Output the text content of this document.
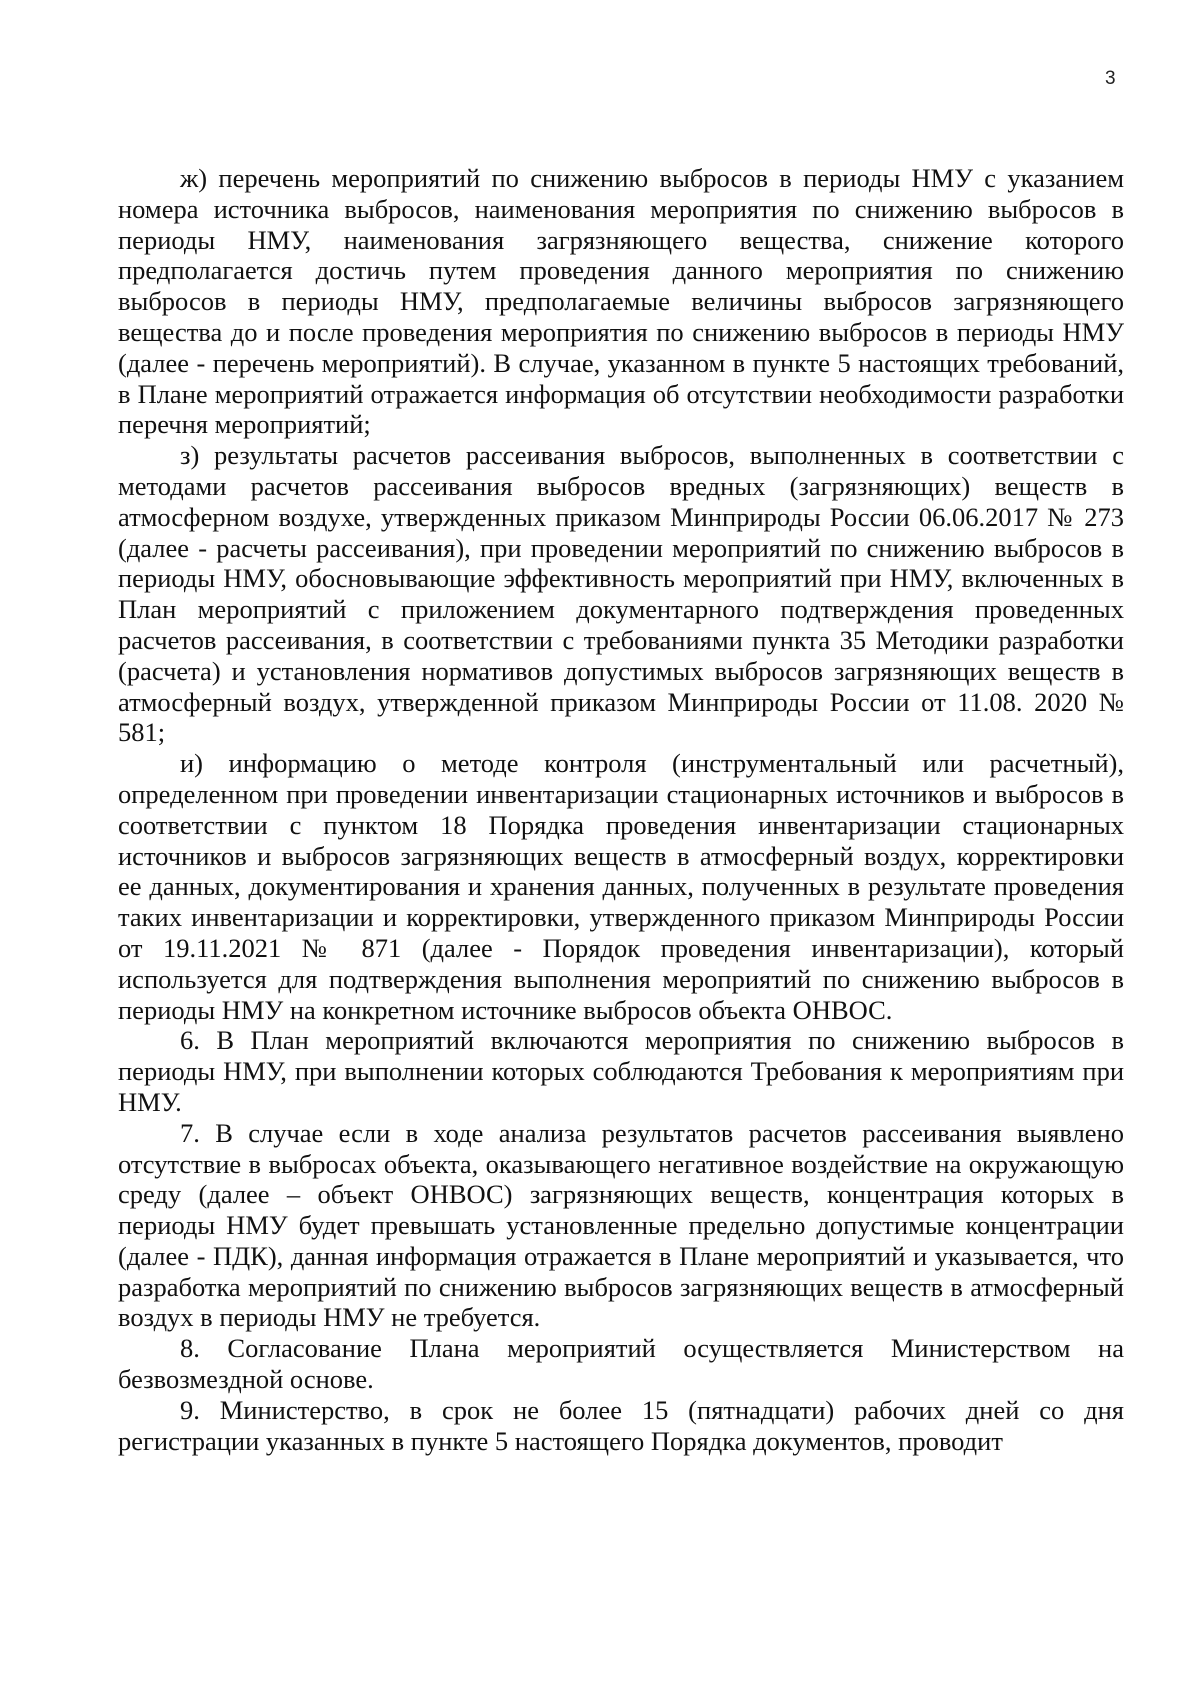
3

ж) перечень мероприятий по снижению выбросов в периоды НМУ с указанием номера источника выбросов, наименования мероприятия по снижению выбросов в периоды НМУ, наименования загрязняющего вещества, снижение которого предполагается достичь путем проведения данного мероприятия по снижению выбросов в периоды НМУ, предполагаемые величины выбросов загрязняющего вещества до и после проведения мероприятия по снижению выбросов в периоды НМУ (далее - перечень мероприятий). В случае, указанном в пункте 5 настоящих требований, в Плане мероприятий отражается информация об отсутствии необходимости разработки перечня мероприятий;

з) результаты расчетов рассеивания выбросов, выполненных в соответствии с методами расчетов рассеивания выбросов вредных (загрязняющих) веществ в атмосферном воздухе, утвержденных приказом Минприроды России 06.06.2017 № 273 (далее - расчеты рассеивания), при проведении мероприятий по снижению выбросов в периоды НМУ, обосновывающие эффективность мероприятий при НМУ, включенных в План мероприятий с приложением документарного подтверждения проведенных расчетов рассеивания, в соответствии с требованиями пункта 35 Методики разработки (расчета) и установления нормативов допустимых выбросов загрязняющих веществ в атмосферный воздух, утвержденной приказом Минприроды России от 11.08. 2020 № 581;

и) информацию о методе контроля (инструментальный или расчетный), определенном при проведении инвентаризации стационарных источников и выбросов в соответствии с пунктом 18 Порядка проведения инвентаризации стационарных источников и выбросов загрязняющих веществ в атмосферный воздух, корректировки ее данных, документирования и хранения данных, полученных в результате проведения таких инвентаризации и корректировки, утвержденного приказом Минприроды России от 19.11.2021 № 871 (далее - Порядок проведения инвентаризации), который используется для подтверждения выполнения мероприятий по снижению выбросов в периоды НМУ на конкретном источнике выбросов объекта ОНВОС.

6. В План мероприятий включаются мероприятия по снижению выбросов в периоды НМУ, при выполнении которых соблюдаются Требования к мероприятиям при НМУ.

7. В случае если в ходе анализа результатов расчетов рассеивания выявлено отсутствие в выбросах объекта, оказывающего негативное воздействие на окружающую среду (далее – объект ОНВОС) загрязняющих веществ, концентрация которых в периоды НМУ будет превышать установленные предельно допустимые концентрации (далее - ПДК), данная информация отражается в Плане мероприятий и указывается, что разработка мероприятий по снижению выбросов загрязняющих веществ в атмосферный воздух в периоды НМУ не требуется.

8. Согласование Плана мероприятий осуществляется Министерством на безвозмездной основе.

9. Министерство, в срок не более 15 (пятнадцати) рабочих дней со дня регистрации указанных в пункте 5 настоящего Порядка документов, проводит
